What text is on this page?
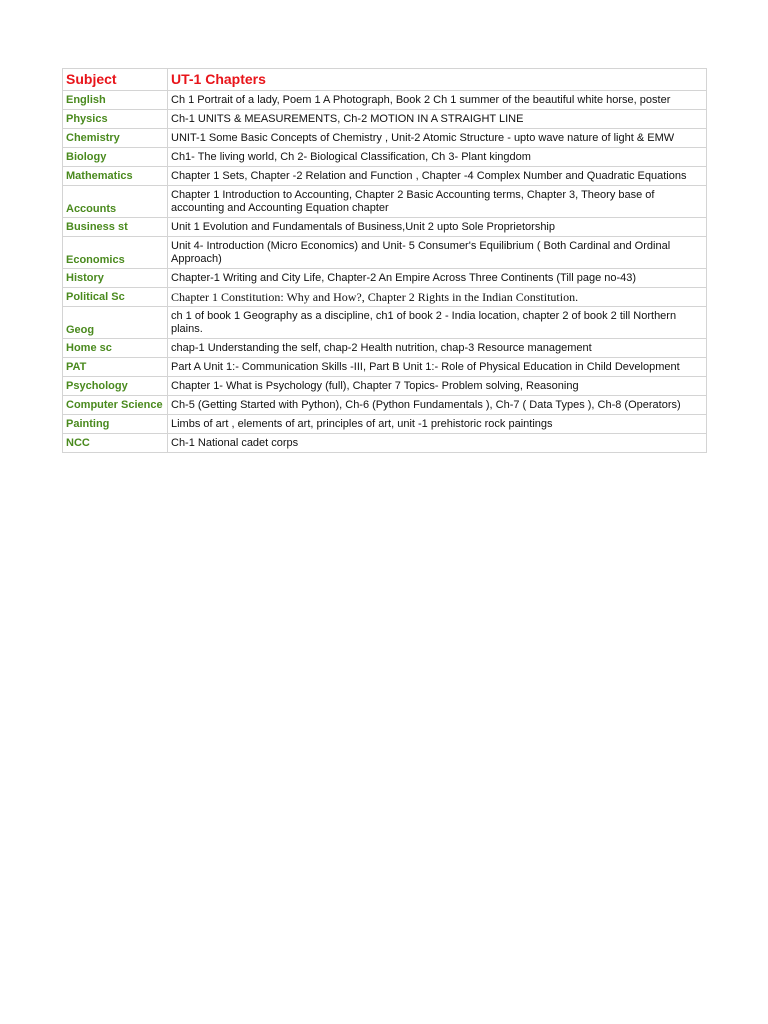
Subject	UT-1 Chapters
English	Ch 1 Portrait of a lady, Poem 1 A Photograph, Book 2 Ch 1 summer of the beautiful white horse, poster
Physics	Ch-1 UNITS & MEASUREMENTS, Ch-2 MOTION IN A STRAIGHT LINE
Chemistry	UNIT-1 Some Basic Concepts of Chemistry , Unit-2 Atomic Structure - upto wave nature of light & EMW
Biology	Ch1- The living world, Ch 2- Biological Classification, Ch 3- Plant kingdom
Mathematics	Chapter 1 Sets, Chapter -2 Relation and Function , Chapter -4 Complex Number and Quadratic Equations
Accounts	Chapter 1 Introduction to Accounting, Chapter 2 Basic Accounting terms, Chapter 3, Theory base of accounting and Accounting Equation chapter
Business st	Unit 1 Evolution and Fundamentals of Business,Unit 2 upto Sole Proprietorship
Economics	Unit 4- Introduction (Micro Economics) and Unit- 5 Consumer's Equilibrium ( Both Cardinal and Ordinal Approach)
History	Chapter-1 Writing and City Life, Chapter-2 An Empire Across Three Continents (Till page no-43)
Political Sc	Chapter 1 Constitution: Why and How?, Chapter 2 Rights in the Indian Constitution.
Geog	ch 1 of book 1 Geography as a discipline, ch1 of book 2 - India location, chapter 2 of book 2 till Northern plains.
Home sc	chap-1 Understanding the self, chap-2 Health nutrition, chap-3 Resource management
PAT	Part A Unit 1:- Communication Skills -III, Part B Unit 1:- Role of Physical Education in Child Development
Psychology	Chapter 1- What is Psychology (full), Chapter 7 Topics- Problem solving, Reasoning
Computer Science	Ch-5 (Getting Started with Python), Ch-6 (Python Fundamentals ), Ch-7 ( Data Types ), Ch-8 (Operators)
Painting	Limbs of art , elements of art, principles of art, unit -1 prehistoric rock paintings
NCC	Ch-1 National cadet corps
